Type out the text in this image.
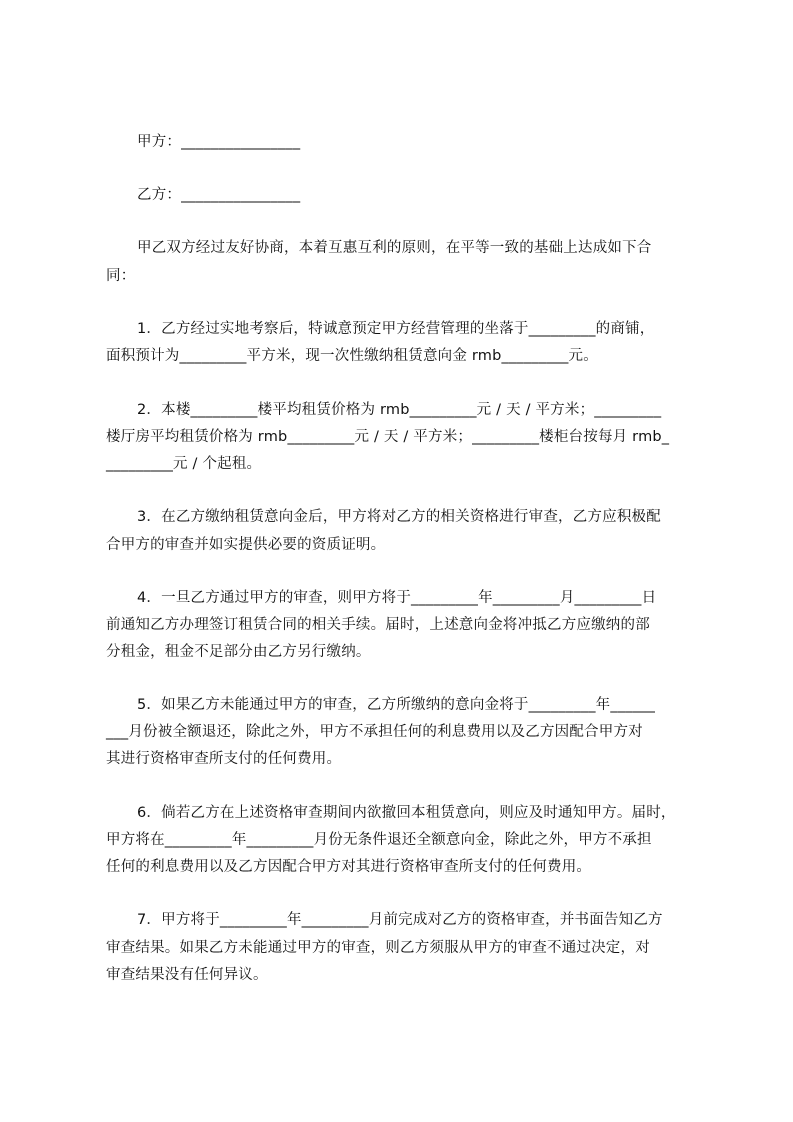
甲方：________________
乙方：________________
甲乙双方经过友好协商，本着互惠互利的原则，在平等一致的基础上达成如下合
同：
1．乙方经过实地考察后，特诚意预定甲方经营管理的坐落于_________的商铺，
面积预计为_________平方米，现一次性缴纳租赁意向金 rmb_________元。
2．本楼_________楼平均租赁价格为 rmb_________元 / 天 / 平方米；_________
楼厅房平均租赁价格为 rmb_________元 / 天 / 平方米；_________楼柜台按每月 rmb_
_________元 / 个起租。
3．在乙方缴纳租赁意向金后，甲方将对乙方的相关资格进行审查，乙方应积极配
合甲方的审查并如实提供必要的资质证明。
4．一旦乙方通过甲方的审查，则甲方将于_________年_________月_________日
前通知乙方办理签订租赁合同的相关手续。届时，上述意向金将冲抵乙方应缴纳的部
分租金，租金不足部分由乙方另行缴纳。
5．如果乙方未能通过甲方的审查，乙方所缴纳的意向金将于_________年______
___月份被全额退还，除此之外，甲方不承担任何的利息费用以及乙方因配合甲方对
其进行资格审查所支付的任何费用。
6．倘若乙方在上述资格审查期间内欲撤回本租赁意向，则应及时通知甲方。届时，
甲方将在_________年_________月份无条件退还全额意向金，除此之外，甲方不承担
任何的利息费用以及乙方因配合甲方对其进行资格审查所支付的任何费用。
7．甲方将于_________年_________月前完成对乙方的资格审查，并书面告知乙方
审查结果。如果乙方未能通过甲方的审查，则乙方须服从甲方的审查不通过决定，对
审查结果没有任何异议。
